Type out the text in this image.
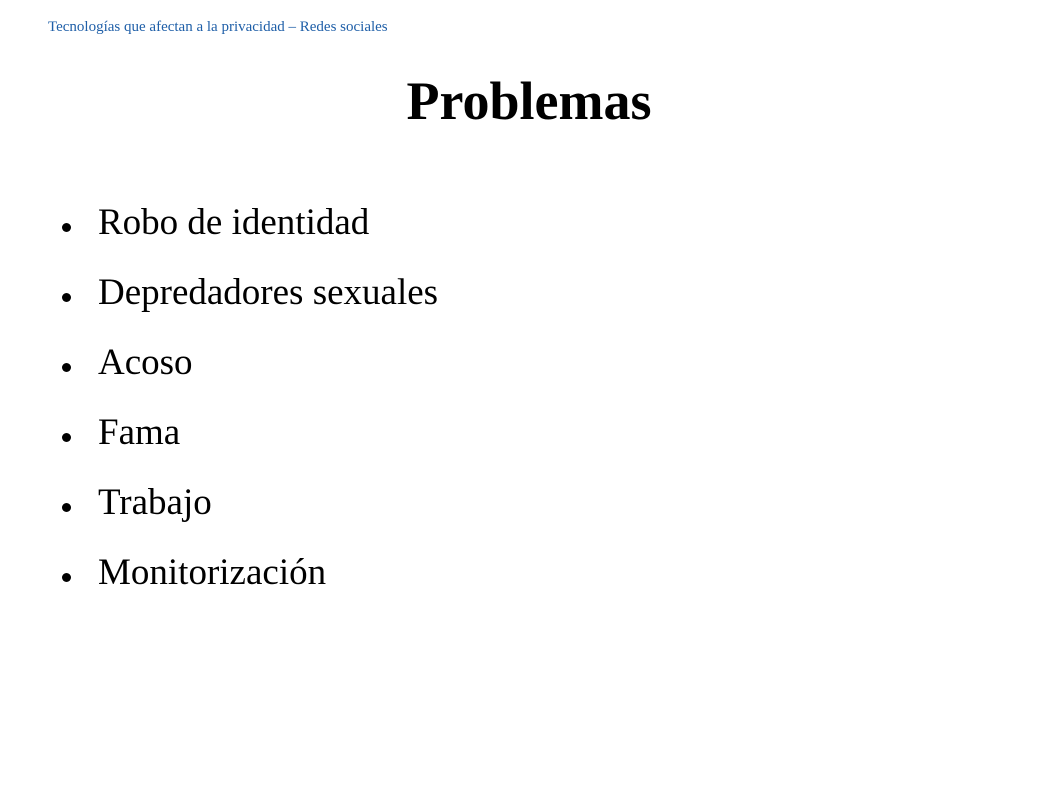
Tecnologías que afectan a la privacidad – Redes sociales
Problemas
Robo de identidad
Depredadores sexuales
Acoso
Fama
Trabajo
Monitorización
